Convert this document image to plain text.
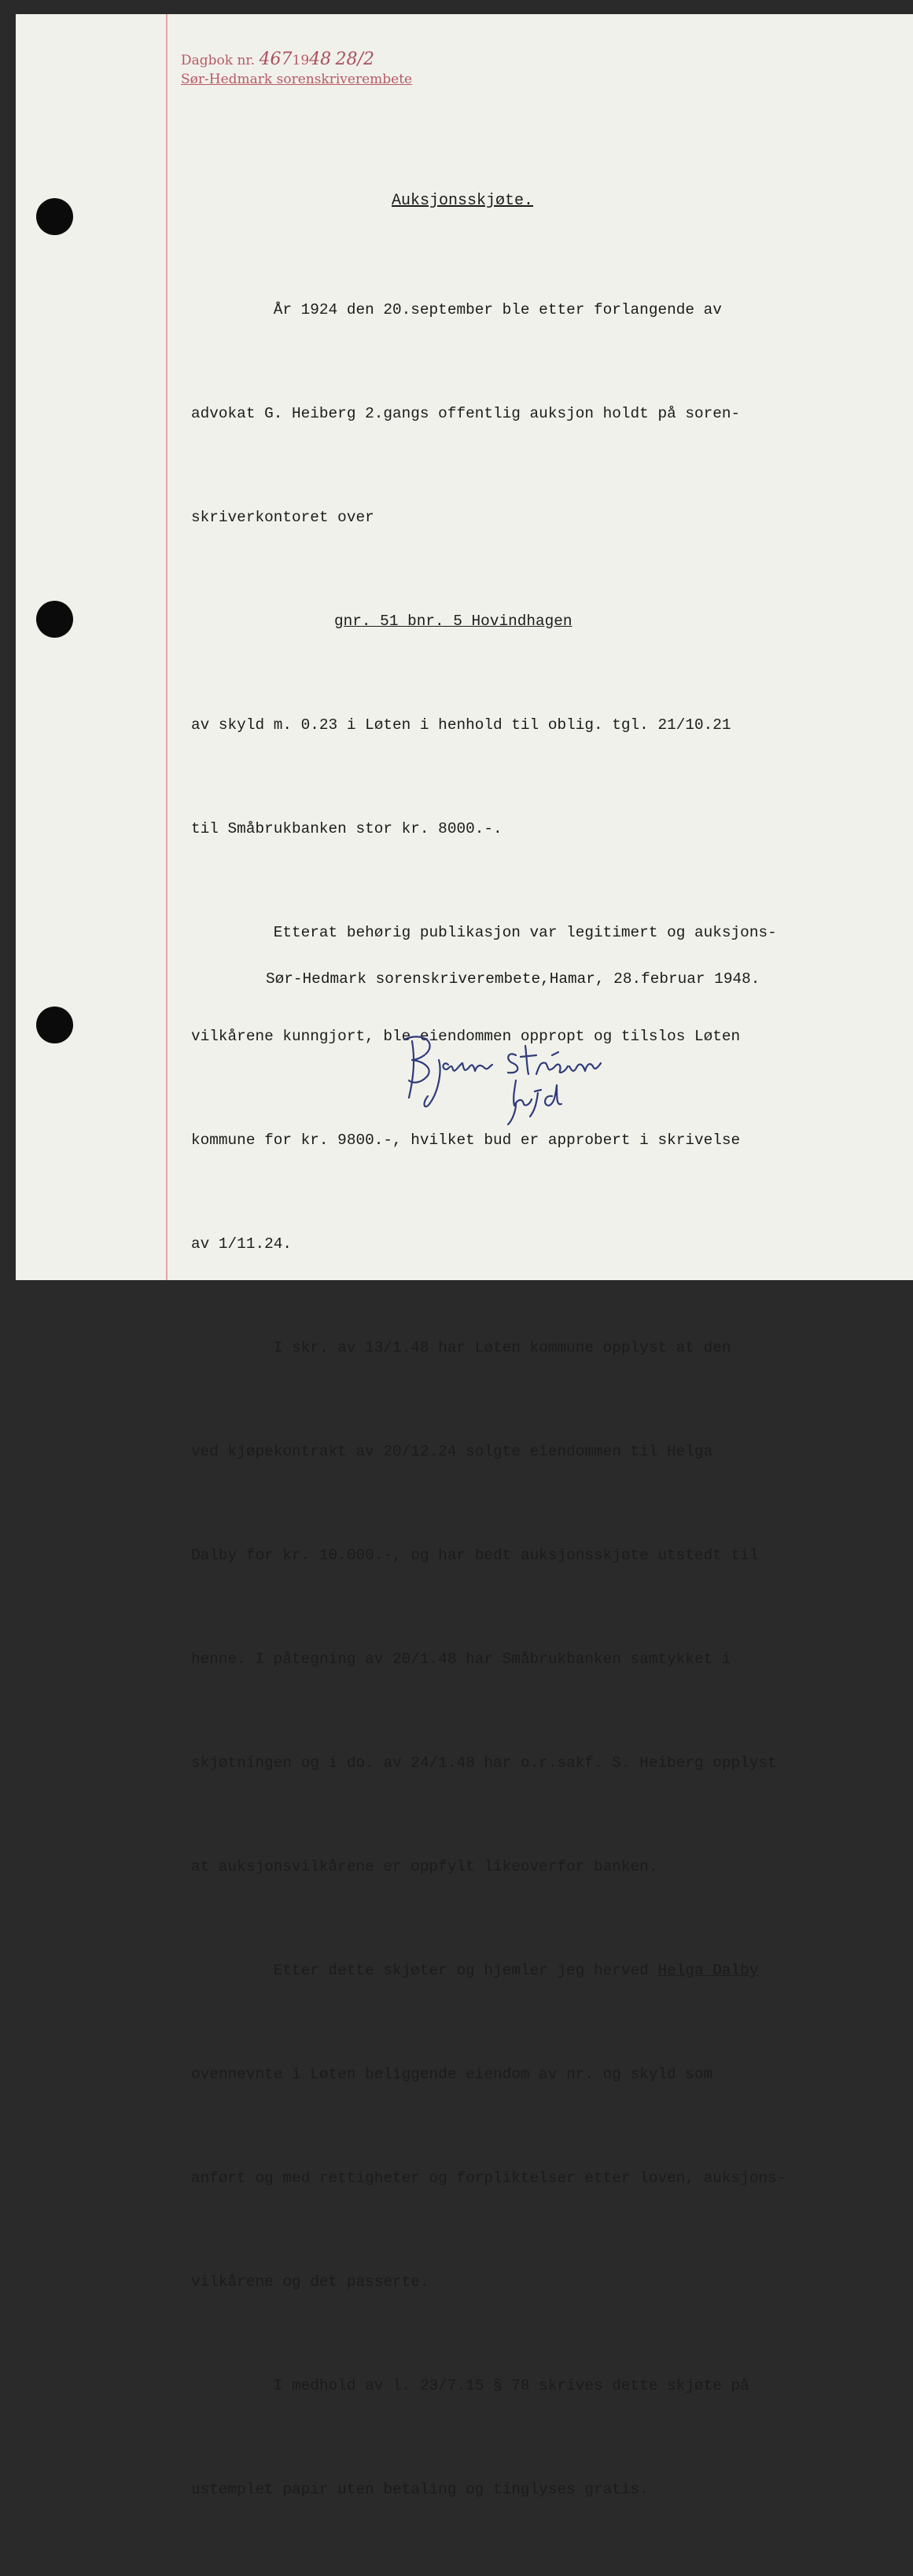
Dagbok nr. 4671948 28/2
Sør-Hedmark sorenskriverembete
Auksjonsskjøte.

År 1924 den 20.september ble etter forlangende av

advokat G. Heiberg 2.gangs offentlig auksjon holdt på soren-

skriverkontoret over

gnr. 51 bnr. 5 Hovindhagen

av skyld m. 0.23 i Løten i henhold til oblig. tgl. 21/10.21

til Småbrukbanken stor kr. 8000.-.

Etterat behørig publikasjon var legitimert og auksjons-

vilkårene kunngjort, ble eiendommen oppropt og tilslos Løten

kommune for kr. 9800.-, hvilket bud er approbert i skrivelse

av 1/11.24.

I skr. av 13/1.48 har Løten kommune opplyst at den

ved kjøpekontrakt av 20/12.24 solgte eiendommen til Helga

Dalby for kr. 10.000.-, og har bedt auksjonsskjøte utstedt til

henne. I påtegning av 20/1.48 har Småbrukbanken samtykket i

skjøtningen og i do. av 24/1.48 har o.r.sakf. S. Heiberg opplyst

at auksjonsvilkårene er oppfylt likeoverfor banken.

Etter dette skjøter og hjemler jeg herved Helga Dalby

ovennevnte i Løten beliggende eiendom av nr. og skyld som

anført og med rettigheter og forpliktelser etter loven, auksjons-

vilkårene og det passerte.

I medhold av l. 23/7.15 § 78 skrives dette skjøte på

ustemplet papir uten betaling og tinglyses gratis.

Sør-Hedmark sorenskriverembete,Hamar, 28.februar 1948.
